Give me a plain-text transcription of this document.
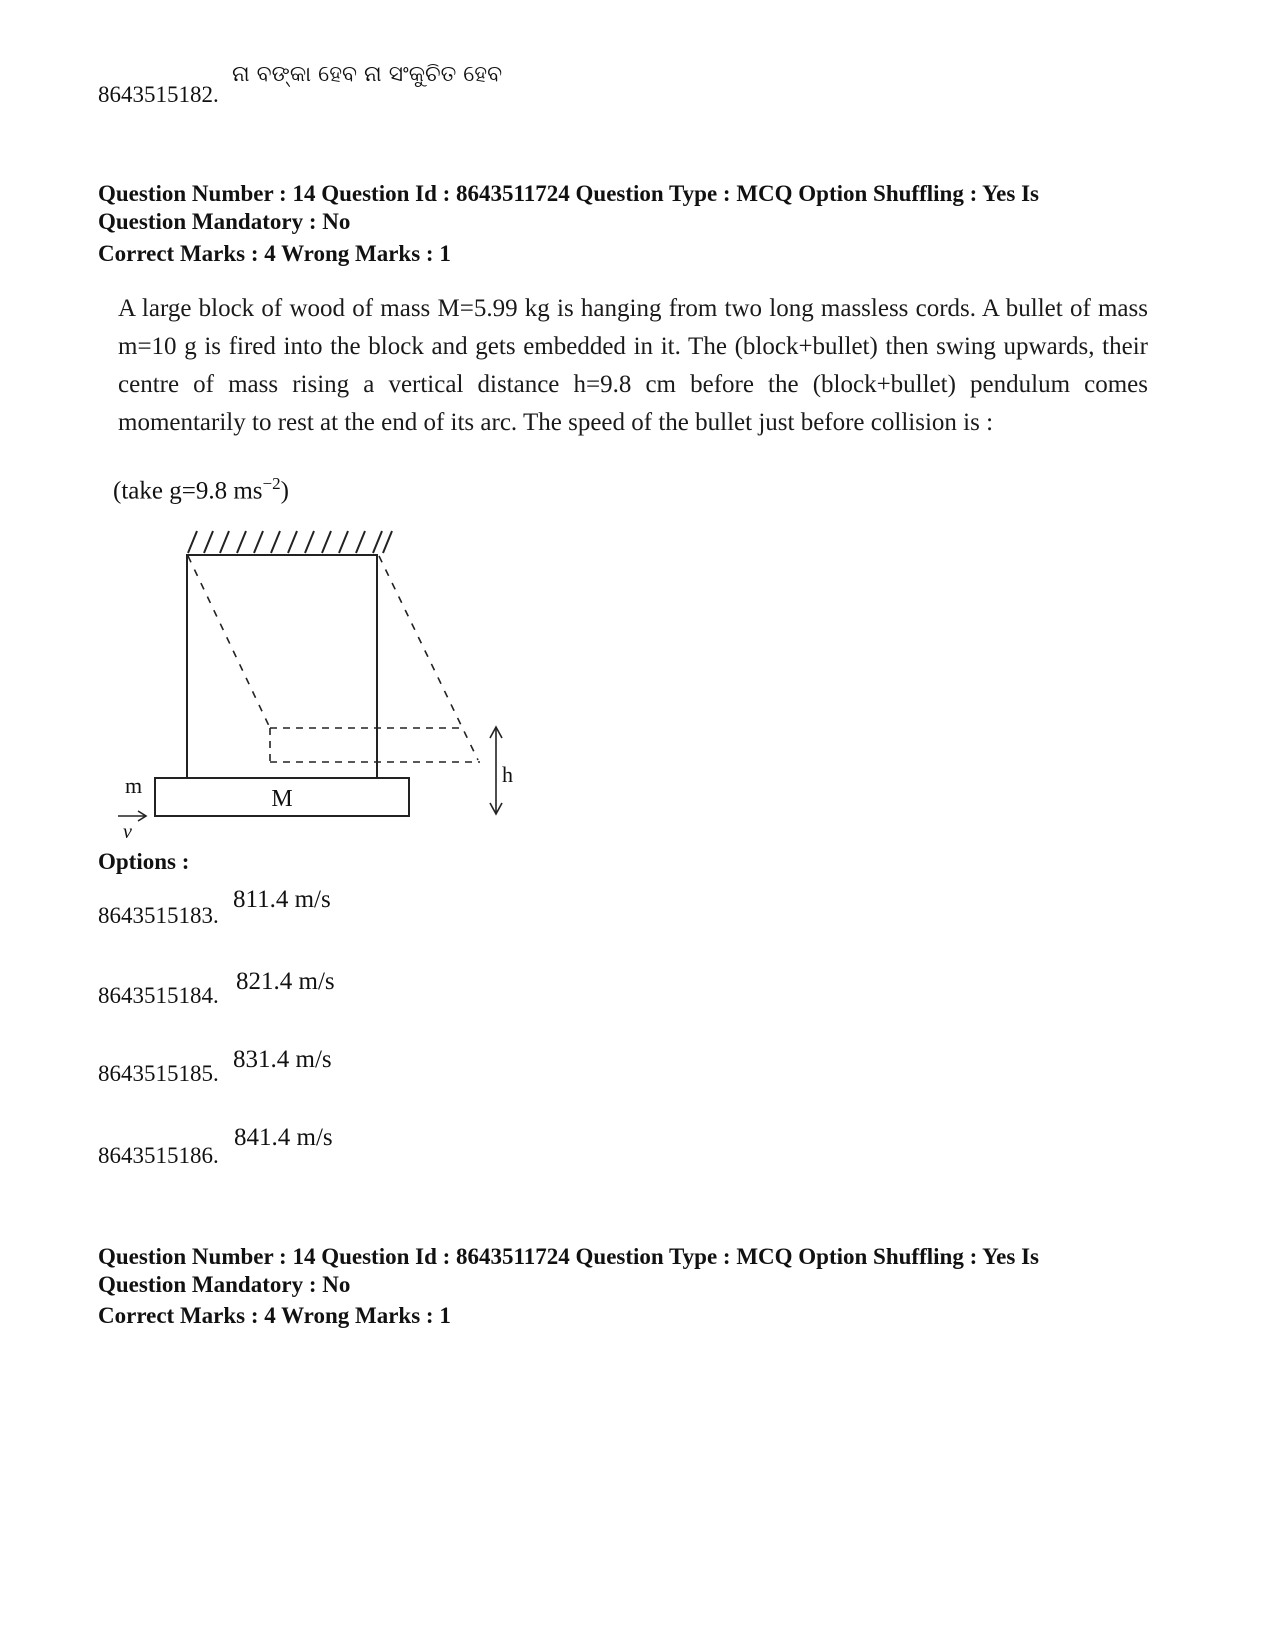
8643515182.
ନା ବଙ୍କା ହେବ ନା ସଂକୁଚିତ ହେବ
Question Number : 14 Question Id : 8643511724 Question Type : MCQ Option Shuffling : Yes Is
Question Mandatory : No
Correct Marks : 4 Wrong Marks : 1

A large block of wood of mass M=5.99 kg is hanging from two long massless cords. A bullet of mass m=10 g is fired into the block and gets embedded in it. The (block+bullet) then swing upwards, their centre of mass rising a vertical distance h=9.8 cm before the (block+bullet) pendulum comes momentarily to rest at the end of its arc. The speed of the bullet just before collision is :

(take g=9.8 $ms^{-2}$)
M
m
v
h
Options :
8643515183.
811.4 m/s
8643515184.
821.4 m/s
8643515185.
831.4 m/s
8643515186.
841.4 m/s
Question Number : 14 Question Id : 8643511724 Question Type : MCQ Option Shuffling : Yes Is
Question Mandatory : No
Correct Marks : 4 Wrong Marks : 1
